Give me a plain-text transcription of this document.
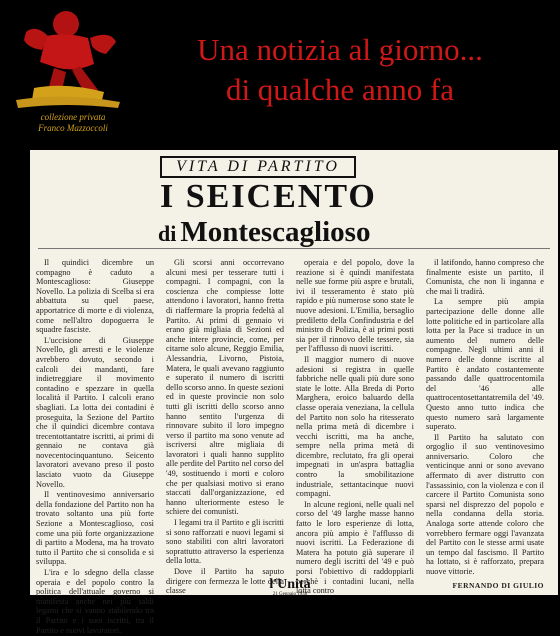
collezione privata
Franco Mazzoccoli
Una notizia al giorno...
di qualche anno fa
VITA DI PARTITO
I SEICENTO
di Montescaglioso

Il quindici dicembre un compagno è caduto a Montescaglioso: Giuseppe Novello. La polizia di Scelba si era abbattuta su quel paese, apportatrice di morte e di violenza, come nell'altro dopoguerra le squadre fasciste.

L'uccisione di Giuseppe Novello, gli arresti e le violenze avrebbero dovuto, secondo i calcoli dei mandanti, fare indietreggiare il movimento contadino e spezzare in quella località il Partito. I calcoli erano sbagliati. La lotta dei contadini è proseguita, la Sezione del Partito che il quindici dicembre contava trecentottantatre iscritti, ai primi di gennaio ne contava già novecentocinquantuno. Seicento lavoratori avevano preso il posto lasciato vuoto da Giuseppe Novello.

Il ventinovesimo anniversario della fondazione del Partito non ha trovato soltanto una più forte Sezione a Montescaglioso, così come una più forte organizzazione di partito a Modena, ma ha trovato tutto il Partito che si consolida e si sviluppa.

L'ira e lo sdegno della classe operaia e del popolo contro la politica dell'attuale governo si manifesta anche nei più saldi legami che si vanno stabilendo tra il Partito e i suoi iscritti, tra il Partito e nuovi lavoratori.

Gli scorsi anni occorrevano alcuni mesi per tesserare tutti i compagni. I compagni, con la coscienza che compiesse lotte attendono i lavoratori, hanno fretta di riaffermare la propria fedeltà al Partito. Ai primi di gennaio vi erano già migliaia di Sezioni ed anche intere provincie, come, per citarne solo alcune, Reggio Emilia, Alessandria, Livorno, Pistoia, Matera, le quali avevano raggiunto e superato il numero di iscritti dello scorso anno. In queste sezioni ed in queste provincie non solo tutti gli iscritti dello scorso anno hanno sentito l'urgenza di rinnovare subito il loro impegno verso il partito ma sono venute ad iscriversi altre migliaia di lavoratori i quali hanno supplito alle perdite del Partito nel corso del '49, sostituendo i morti e coloro che per qualsiasi motivo si erano staccati dall'organizzazione, ed hanno ulteriormente esteso le schiere dei comunisti.

I legami tra il Partito e gli iscritti si sono rafforzati e nuovi legami si sono stabiliti con altri lavoratori soprattutto attraverso la esperienza della lotta.

Dove il Partito ha saputo dirigere con fermezza le lotte della classe

operaia e del popolo, dove la reazione si è quindi manifestata nelle sue forme più aspre e brutali, ivi il tesseramento è stato più rapido e più numerose sono state le nuove adesioni. L'Emilia, bersaglio prediletto della Confindustria e del ministro di Polizia, è ai primi posti sia per il rinnovo delle tessere, sia per l'afflusso di nuovi iscritti.

Il maggior numero di nuove adesioni si registra in quelle fabbriche nelle quali più dure sono state le lotte. Alla Breda di Porto Marghera, eroico baluardo della classe operaia veneziana, la cellula del Partito non solo ha ritesserato nella prima metà di dicembre i vecchi iscritti, ma ha anche, sempre nella prima metà di dicembre, reclutato, fra gli operai impegnati in un'aspra battaglia contro la smobilitazione industriale, settantacinque nuovi compagni.

In alcune regioni, nelle quali nel corso del '49 larghe masse hanno fatto le loro esperienze di lotta, ancora più ampio è l'afflusso di nuovi iscritti. La Federazione di Matera ha potuto già superare il numero degli iscritti del '49 e può porsi l'obiettivo di raddoppiarli perchè i contadini lucani, nella lotta contro

il latifondo, hanno compreso che finalmente esiste un partito, il Comunista, che non li inganna e che mai li tradirà.

La sempre più ampia partecipazione delle donne alle lotte politiche ed in particolare alla lotta per la Pace si traduce in un aumento del numero delle compagne. Negli ultimi anni il numero delle donne iscritte al Partito è andato costantemente passando dalle quattrocentomila del '46 alle quattrocentosettantatremila del '49. Questo anno tutto indica che questo numero sarà largamente superato.

Il Partito ha salutato con orgoglio il suo ventinovesimo anniversario. Coloro che venticinque anni or sono avevano affermato di aver distrutto con l'assassinio, con la violenza e con il carcere il Partito Comunista sono sparsi nel disprezzo del popolo e nella condanna della storia. Analoga sorte attende coloro che vorrebbero fermare oggi l'avanzata del Partito con le stesse armi usate un tempo dal fascismo. Il Partito ha lottato, si è rafforzato, prepara nuove vittorie.

FERNANDO DI GIULIO
l'Unità
21 Gennaio 1950
